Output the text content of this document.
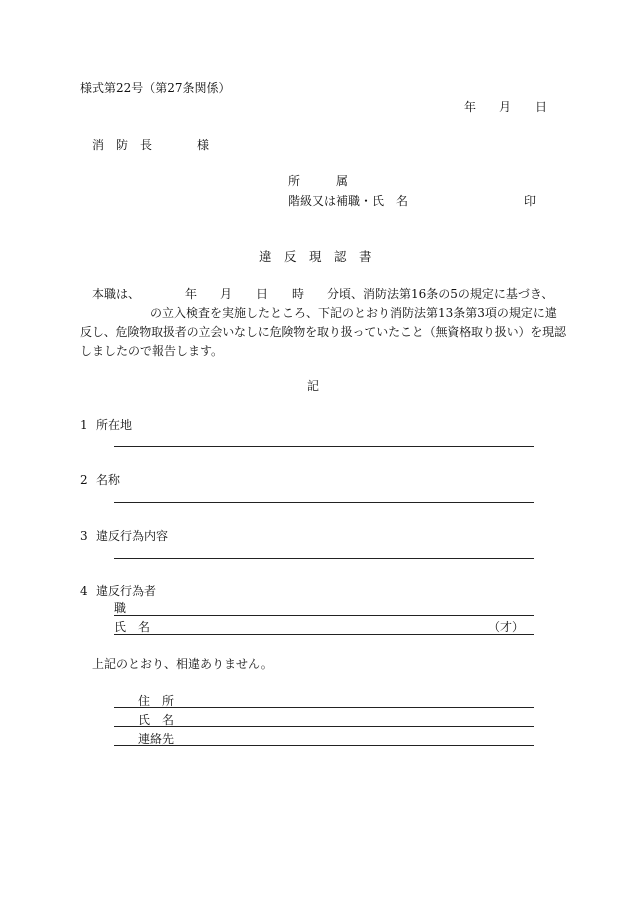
様式第22号（第27条関係）
年 月 日
消　防　長	様
所　　　属
階級又は補職・氏　名	印
違　反　現　認　書
本職は、	年 月 日 時 分頃、消防法第16条の5の規定に基づき、
の立入検査を実施したところ、下記のとおり消防法第13条第3項の規定に違
反し、危険物取扱者の立会いなしに危険物を取り扱っていたこと（無資格取り扱い）を現認
しましたので報告します。
記
1 所在地
2 名称
3 違反行為内容
4 違反行為者
職
氏　名	（才）
上記のとおり、相違ありません。
住　所
氏　名
連絡先
